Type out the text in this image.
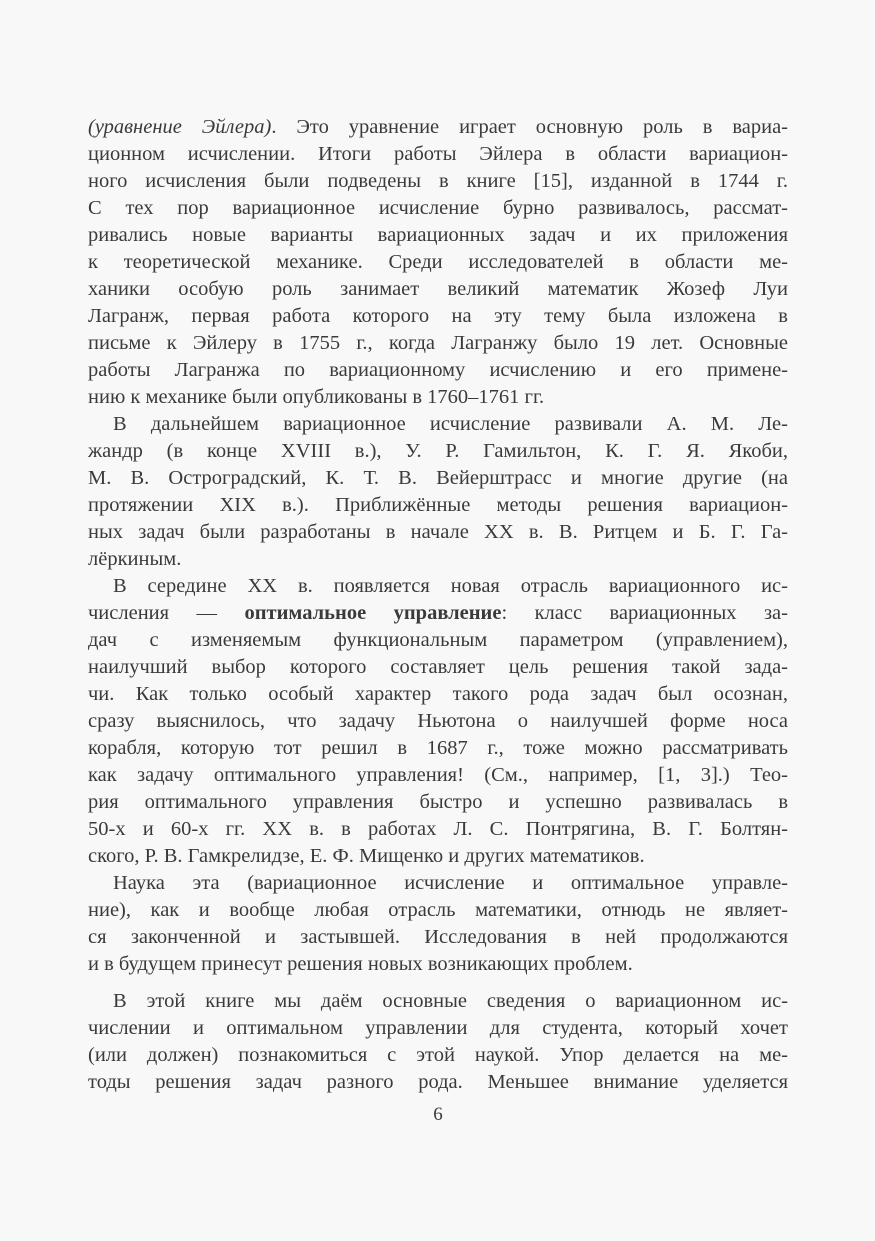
(уравнение Эйлера). Это уравнение играет основную роль в вариа-
ционном исчислении. Итоги работы Эйлера в области вариацион-
ного исчисления были подведены в книге [15], изданной в 1744 г.
С тех пор вариационное исчисление бурно развивалось, рассмат-
ривались новые варианты вариационных задач и их приложения
к теоретической механике. Среди исследователей в области ме-
ханики особую роль занимает великий математик Жозеф Луи
Лагранж, первая работа которого на эту тему была изложена в
письме к Эйлеру в 1755 г., когда Лагранжу было 19 лет. Основные
работы Лагранжа по вариационному исчислению и его примене-
нию к механике были опубликованы в 1760–1761 гг.
В дальнейшем вариационное исчисление развивали А. М. Ле-
жандр (в конце XVIII в.), У. Р. Гамильтон, К. Г. Я. Якоби,
М. В. Остроградский, К. Т. В. Вейерштрасс и многие другие (на
протяжении XIX в.). Приближённые методы решения вариацион-
ных задач были разработаны в начале XX в. В. Ритцем и Б. Г. Га-
лёркиным.
В середине XX в. появляется новая отрасль вариационного ис-
числения — оптимальное управление: класс вариационных за-
дач с изменяемым функциональным параметром (управлением),
наилучший выбор которого составляет цель решения такой зада-
чи. Как только особый характер такого рода задач был осознан,
сразу выяснилось, что задачу Ньютона о наилучшей форме носа
корабля, которую тот решил в 1687 г., тоже можно рассматривать
как задачу оптимального управления! (См., например, [1, 3].) Тео-
рия оптимального управления быстро и успешно развивалась в
50-х и 60-х гг. XX в. в работах Л. С. Понтрягина, В. Г. Болтян-
ского, Р. В. Гамкрелидзе, Е. Ф. Мищенко и других математиков.
Наука эта (вариационное исчисление и оптимальное управле-
ние), как и вообще любая отрасль математики, отнюдь не являет-
ся законченной и застывшей. Исследования в ней продолжаются
и в будущем принесут решения новых возникающих проблем.
В этой книге мы даём основные сведения о вариационном ис-
числении и оптимальном управлении для студента, который хочет
(или должен) познакомиться с этой наукой. Упор делается на ме-
тоды решения задач разного рода. Меньшее внимание уделяется
6
